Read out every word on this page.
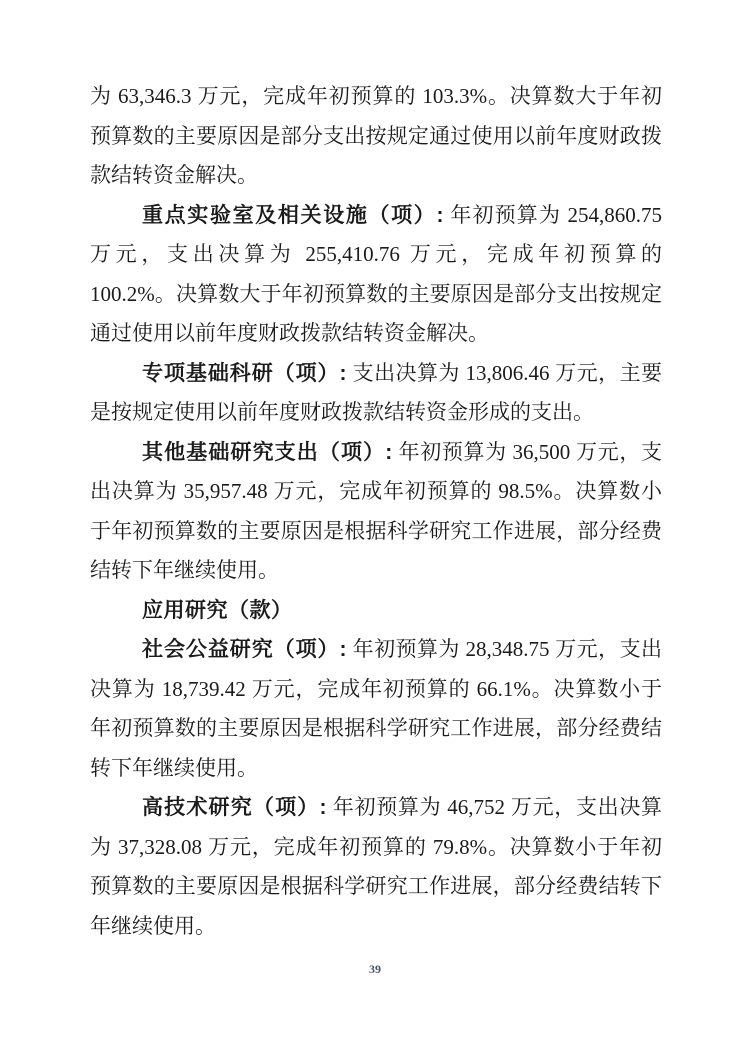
为 63,346.3 万元，完成年初预算的 103.3%。决算数大于年初预算数的主要原因是部分支出按规定通过使用以前年度财政拨款结转资金解决。

重点实验室及相关设施（项）: 年初预算为 254,860.75 万元，支出决算为 255,410.76 万元，完成年初预算的 100.2%。决算数大于年初预算数的主要原因是部分支出按规定通过使用以前年度财政拨款结转资金解决。

专项基础科研（项）: 支出决算为 13,806.46 万元，主要是按规定使用以前年度财政拨款结转资金形成的支出。

其他基础研究支出（项）: 年初预算为 36,500 万元，支出决算为 35,957.48 万元，完成年初预算的 98.5%。决算数小于年初预算数的主要原因是根据科学研究工作进展，部分经费结转下年继续使用。

应用研究（款）

社会公益研究（项）: 年初预算为 28,348.75 万元，支出决算为 18,739.42 万元，完成年初预算的 66.1%。决算数小于年初预算数的主要原因是根据科学研究工作进展，部分经费结转下年继续使用。

高技术研究（项）: 年初预算为 46,752 万元，支出决算为 37,328.08 万元，完成年初预算的 79.8%。决算数小于年初预算数的主要原因是根据科学研究工作进展，部分经费结转下年继续使用。

39
